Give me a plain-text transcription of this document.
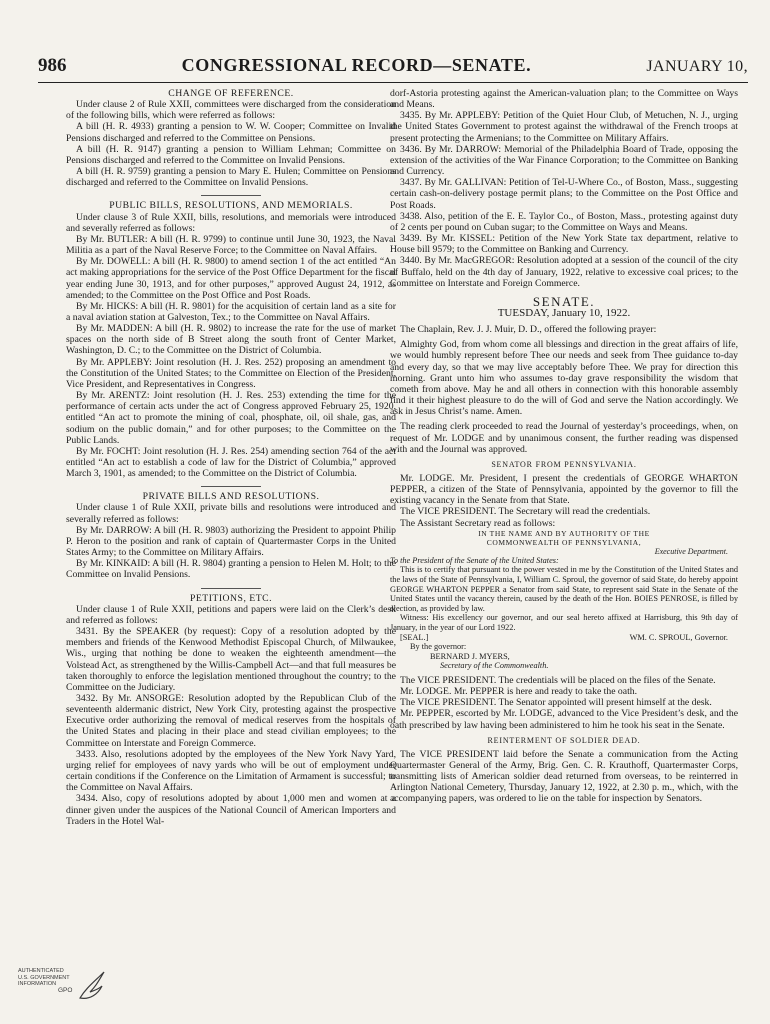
986	CONGRESSIONAL RECORD—SENATE.	JANUARY 10,

CHANGE OF REFERENCE.

Under clause 2 of Rule XXII, committees were discharged from the consideration of the following bills, which were referred as follows:

A bill (H. R. 4933) granting a pension to W. W. Cooper; Committee on Invalid Pensions discharged and referred to the Committee on Pensions.

A bill (H. R. 9147) granting a pension to William Lehman; Committee on Pensions discharged and referred to the Committee on Invalid Pensions.

A bill (H. R. 9759) granting a pension to Mary E. Hulen; Committee on Pensions discharged and referred to the Committee on Invalid Pensions.

PUBLIC BILLS, RESOLUTIONS, AND MEMORIALS.

Under clause 3 of Rule XXII, bills, resolutions, and memorials were introduced and severally referred as follows:

By Mr. BUTLER: A bill (H. R. 9799) to continue until June 30, 1923, the Naval Militia as a part of the Naval Reserve Force; to the Committee on Naval Affairs.

By Mr. DOWELL: A bill (H. R. 9800) to amend section 1 of the act entitled “An act making appropriations for the service of the Post Office Department for the fiscal year ending June 30, 1913, and for other purposes,” approved August 24, 1912, as amended; to the Committee on the Post Office and Post Roads.

By Mr. HICKS: A bill (H. R. 9801) for the acquisition of certain land as a site for a naval aviation station at Galveston, Tex.; to the Committee on Naval Affairs.

By Mr. MADDEN: A bill (H. R. 9802) to increase the rate for the use of market spaces on the north side of B Street along the south front of Center Market, Washington, D. C.; to the Committee on the District of Columbia.

By Mr. APPLEBY: Joint resolution (H. J. Res. 252) proposing an amendment to the Constitution of the United States; to the Committee on Election of the President, Vice President, and Representatives in Congress.

By Mr. ARENTZ: Joint resolution (H. J. Res. 253) extending the time for the performance of certain acts under the act of Congress approved February 25, 1920, entitled “An act to promote the mining of coal, phosphate, oil, oil shale, gas, and sodium on the public domain,” and for other purposes; to the Committee on the Public Lands.

By Mr. FOCHT: Joint resolution (H. J. Res. 254) amending section 764 of the act entitled “An act to establish a code of law for the District of Columbia,” approved March 3, 1901, as amended; to the Committee on the District of Columbia.

PRIVATE BILLS AND RESOLUTIONS.

Under clause 1 of Rule XXII, private bills and resolutions were introduced and severally referred as follows:

By Mr. DARROW: A bill (H. R. 9803) authorizing the President to appoint Philip P. Heron to the position and rank of captain of Quartermaster Corps in the United States Army; to the Committee on Military Affairs.

By Mr. KINKAID: A bill (H. R. 9804) granting a pension to Helen M. Holt; to the Committee on Invalid Pensions.

PETITIONS, ETC.

Under clause 1 of Rule XXII, petitions and papers were laid on the Clerk’s desk and referred as follows:

3431. By the SPEAKER (by request): Copy of a resolution adopted by the members and friends of the Kenwood Methodist Episcopal Church, of Milwaukee, Wis., urging that nothing be done to weaken the eighteenth amendment—the Volstead Act, as strengthened by the Willis-Campbell Act—and that full measures be taken thoroughly to enforce the legislation mentioned throughout the country; to the Committee on the Judiciary.

3432. By Mr. ANSORGE: Resolution adopted by the Republican Club of the seventeenth aldermanic district, New York City, protesting against the prospective Executive order authorizing the removal of medical reserves from the hospitals of the United States and placing in their place and stead civilian employees; to the Committee on Interstate and Foreign Commerce.

3433. Also, resolutions adopted by the employees of the New York Navy Yard, urging relief for employees of navy yards who will be out of employment under certain conditions if the Conference on the Limitation of Armament is successful; to the Committee on Naval Affairs.

3434. Also, copy of resolutions adopted by about 1,000 men and women at a dinner given under the auspices of the National Council of American Importers and Traders in the Hotel Wal-

dorf-Astoria protesting against the American-valuation plan; to the Committee on Ways and Means.

3435. By Mr. APPLEBY: Petition of the Quiet Hour Club, of Metuchen, N. J., urging the United States Government to protest against the withdrawal of the French troops at present protecting the Armenians; to the Committee on Military Affairs.

3436. By Mr. DARROW: Memorial of the Philadelphia Board of Trade, opposing the extension of the activities of the War Finance Corporation; to the Committee on Banking and Currency.

3437. By Mr. GALLIVAN: Petition of Tel-U-Where Co., of Boston, Mass., suggesting certain cash-on-delivery postage permit plans; to the Committee on the Post Office and Post Roads.

3438. Also, petition of the E. E. Taylor Co., of Boston, Mass., protesting against duty of 2 cents per pound on Cuban sugar; to the Committee on Ways and Means.

3439. By Mr. KISSEL: Petition of the New York State tax department, relative to House bill 9579; to the Committee on Banking and Currency.

3440. By Mr. MacGREGOR: Resolution adopted at a session of the council of the city of Buffalo, held on the 4th day of January, 1922, relative to excessive coal prices; to the Committee on Interstate and Foreign Commerce.

SENATE.
TUESDAY, January 10, 1922.

The Chaplain, Rev. J. J. Muir, D. D., offered the following prayer:

Almighty God, from whom come all blessings and direction in the great affairs of life, we would humbly represent before Thee our needs and seek from Thee guidance to-day and every day, so that we may live acceptably before Thee. We pray for direction this morning. Grant unto him who assumes to-day grave responsibility the wisdom that cometh from above. May he and all others in connection with this honorable assembly find it their highest pleasure to do the will of God and serve the Nation accordingly. We ask in Jesus Christ’s name. Amen.

The reading clerk proceeded to read the Journal of yesterday’s proceedings, when, on request of Mr. LODGE and by unanimous consent, the further reading was dispensed with and the Journal was approved.

SENATOR FROM PENNSYLVANIA.

Mr. LODGE. Mr. President, I present the credentials of GEORGE WHARTON PEPPER, a citizen of the State of Pennsylvania, appointed by the governor to fill the existing vacancy in the Senate from that State.

The VICE PRESIDENT. The Secretary will read the credentials.

The Assistant Secretary read as follows:

IN THE NAME AND BY AUTHORITY OF THE
COMMONWEALTH OF PENNSYLVANIA,
Executive Department.

To the President of the Senate of the United States:

This is to certify that pursuant to the power vested in me by the Constitution of the United States and the laws of the State of Pennsylvania, I, William C. Sproul, the governor of said State, do hereby appoint GEORGE WHARTON PEPPER a Senator from said State, to represent said State in the Senate of the United States until the vacancy therein, caused by the death of the Hon. BOIES PENROSE, is filled by election, as provided by law.

Witness: His excellency our governor, and our seal hereto affixed at Harrisburg, this 9th day of January, in the year of our Lord 1922.

[SEAL.]	WM. C. SPROUL, Governor.
By the governor:
BERNARD J. MYERS,
Secretary of the Commonwealth.

The VICE PRESIDENT. The credentials will be placed on the files of the Senate.

Mr. LODGE. Mr. PEPPER is here and ready to take the oath.

The VICE PRESIDENT. The Senator appointed will present himself at the desk.

Mr. PEPPER, escorted by Mr. LODGE, advanced to the Vice President’s desk, and the oath prescribed by law having been administered to him he took his seat in the Senate.

REINTERMENT OF SOLDIER DEAD.

The VICE PRESIDENT laid before the Senate a communication from the Acting Quartermaster General of the Army, Brig. Gen. C. R. Krauthoff, Quartermaster Corps, transmitting lists of American soldier dead returned from overseas, to be reinterred in Arlington National Cemetery, Thursday, January 12, 1922, at 2.30 p. m., which, with the accompanying papers, was ordered to lie on the table for inspection by Senators.

AUTHENTICATED
U.S. GOVERNMENT
INFORMATION
GPO
